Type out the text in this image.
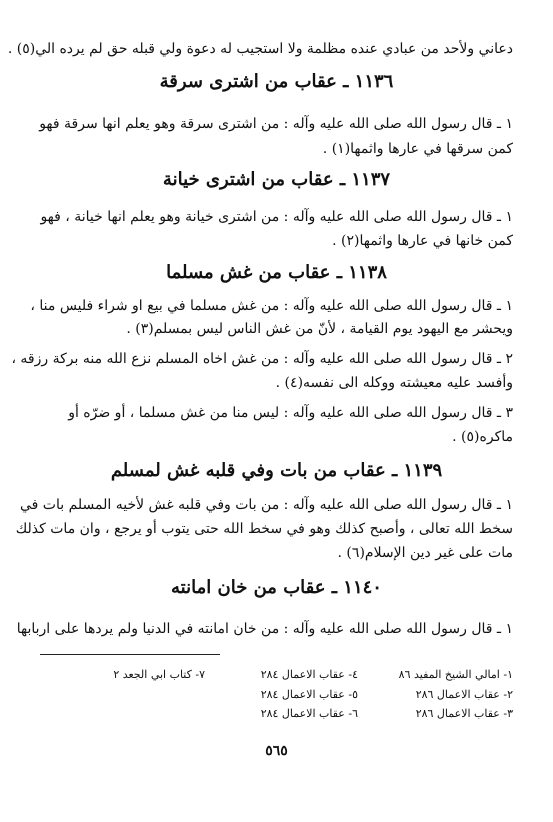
دعاني ولأحد من عبادي عنده مظلمة ولا استجيب له دعوة ولي قبله حق لم يرده الي(٥) .
١١٣٦ ـ عقاب من اشترى سرقة
١ ـ قال رسول الله صلى الله عليه وآله : من اشترى سرقة وهو يعلم انها سرقة فهو
كمن سرقها في عارها واثمها(١) .
١١٣٧ ـ عقاب من اشترى خيانة
١ ـ قال رسول الله صلى الله عليه وآله : من اشترى خيانة وهو يعلم انها خيانة ، فهو
كمن خانها في عارها واثمها(٢) .
١١٣٨ ـ عقاب من غش مسلما
١ ـ قال رسول الله صلى الله عليه وآله : من غش مسلما في بيع او شراء فليس منا ،
ويحشر مع اليهود يوم القيامة ، لأنّ من غش الناس ليس بمسلم(٣) .
٢ ـ قال رسول الله صلى الله عليه وآله : من غش اخاه المسلم نزع الله منه بركة رزقه ،
وأفسد عليه معيشته ووكله الى نفسه(٤) .
٣ ـ قال رسول الله صلى الله عليه وآله : ليس منا من غش مسلما ، أو ضرّه أو
ماكره(٥) .
١١٣٩ ـ عقاب من بات وفي قلبه غش لمسلم
١ ـ قال رسول الله صلى الله عليه وآله : من بات وفي قلبه غش لأخيه المسلم بات في
سخط الله تعالى ، وأصبح كذلك وهو في سخط الله حتى يتوب أو يرجع ، وان مات كذلك
مات على غير دين الإسلام(٦) .
١١٤٠ ـ عقاب من خان امانته
١ ـ قال رسول الله صلى الله عليه وآله : من خان امانته في الدنيا ولم يردها على اربابها
١- امالي الشيخ المفيد ٨٦
٢- عقاب الاعمال ٢٨٦
٣- عقاب الاعمال ٢٨٦
٤- عقاب الاعمال ٢٨٤
٥- عقاب الاعمال ٢٨٤
٦- عقاب الاعمال ٢٨٤
٧- كتاب ابي الجعد ٢
٥٦٥
